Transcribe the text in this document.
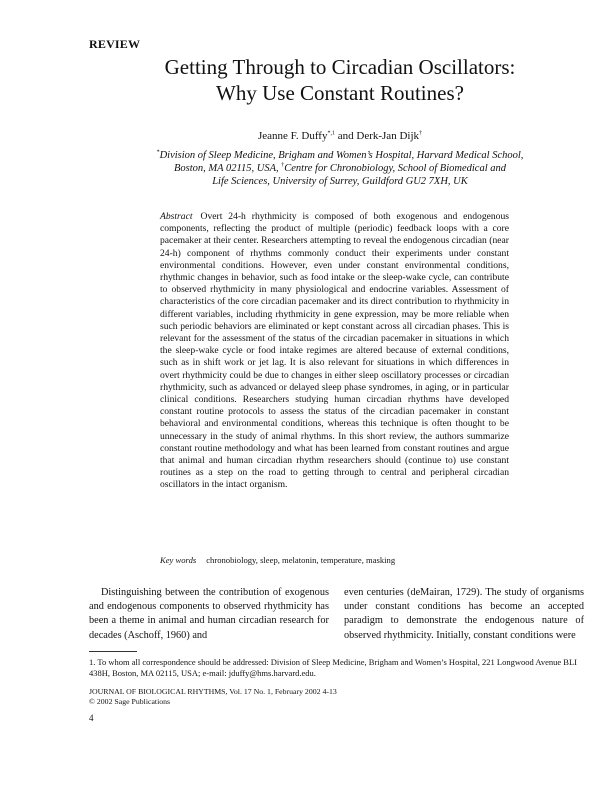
REVIEW
Getting Through to Circadian Oscillators:
Why Use Constant Routines?
Jeanne F. Duffy$^{*,1}$ and Derk-Jan Dijk†
*Division of Sleep Medicine, Brigham and Women’s Hospital, Harvard Medical School,
Boston, MA 02115, USA, †Centre for Chronobiology, School of Biomedical and
Life Sciences, University of Surrey, Guildford GU2 7XH, UK
Abstract Overt 24-h rhythmicity is composed of both exogenous and endogenous components, reflecting the product of multiple (periodic) feedback loops with a core pacemaker at their center. Researchers attempting to reveal the endogenous circadian (near 24-h) component of rhythms commonly conduct their experiments under constant environmental conditions. However, even under constant environmental conditions, rhythmic changes in behavior, such as food intake or the sleep-wake cycle, can contribute to observed rhythmicity in many physiological and endocrine variables. Assessment of characteristics of the core circadian pacemaker and its direct contribution to rhythmicity in different variables, including rhythmicity in gene expression, may be more reliable when such periodic behaviors are eliminated or kept constant across all circadian phases. This is relevant for the assessment of the status of the circadian pacemaker in situations in which the sleep-wake cycle or food intake regimes are altered because of external conditions, such as in shift work or jet lag. It is also relevant for situations in which differences in overt rhythmicity could be due to changes in either sleep oscillatory processes or circadian rhythmicity, such as advanced or delayed sleep phase syndromes, in aging, or in particular clinical conditions. Researchers studying human circadian rhythms have developed constant routine protocols to assess the status of the circadian pacemaker in constant behavioral and environmental conditions, whereas this technique is often thought to be unnecessary in the study of animal rhythms. In this short review, the authors summarize constant routine methodology and what has been learned from constant routines and argue that animal and human circadian rhythm researchers should (continue to) use constant routines as a step on the road to getting through to central and peripheral circadian oscillators in the intact organism.
Key words chronobiology, sleep, melatonin, temperature, masking
Distinguishing between the contribution of exogenous and endogenous components to observed rhythmicity has been a theme in animal and human circadian research for decades (Aschoff, 1960) and
even centuries (deMairan, 1729). The study of organisms under constant conditions has become an accepted paradigm to demonstrate the endogenous nature of observed rhythmicity. Initially, constant conditions were
1. To whom all correspondence should be addressed: Division of Sleep Medicine, Brigham and Women’s Hospital, 221 Longwood Avenue BLI 438H, Boston, MA 02115, USA; e-mail: jduffy@hms.harvard.edu.
JOURNAL OF BIOLOGICAL RHYTHMS, Vol. 17 No. 1, February 2002 4-13
© 2002 Sage Publications
4
